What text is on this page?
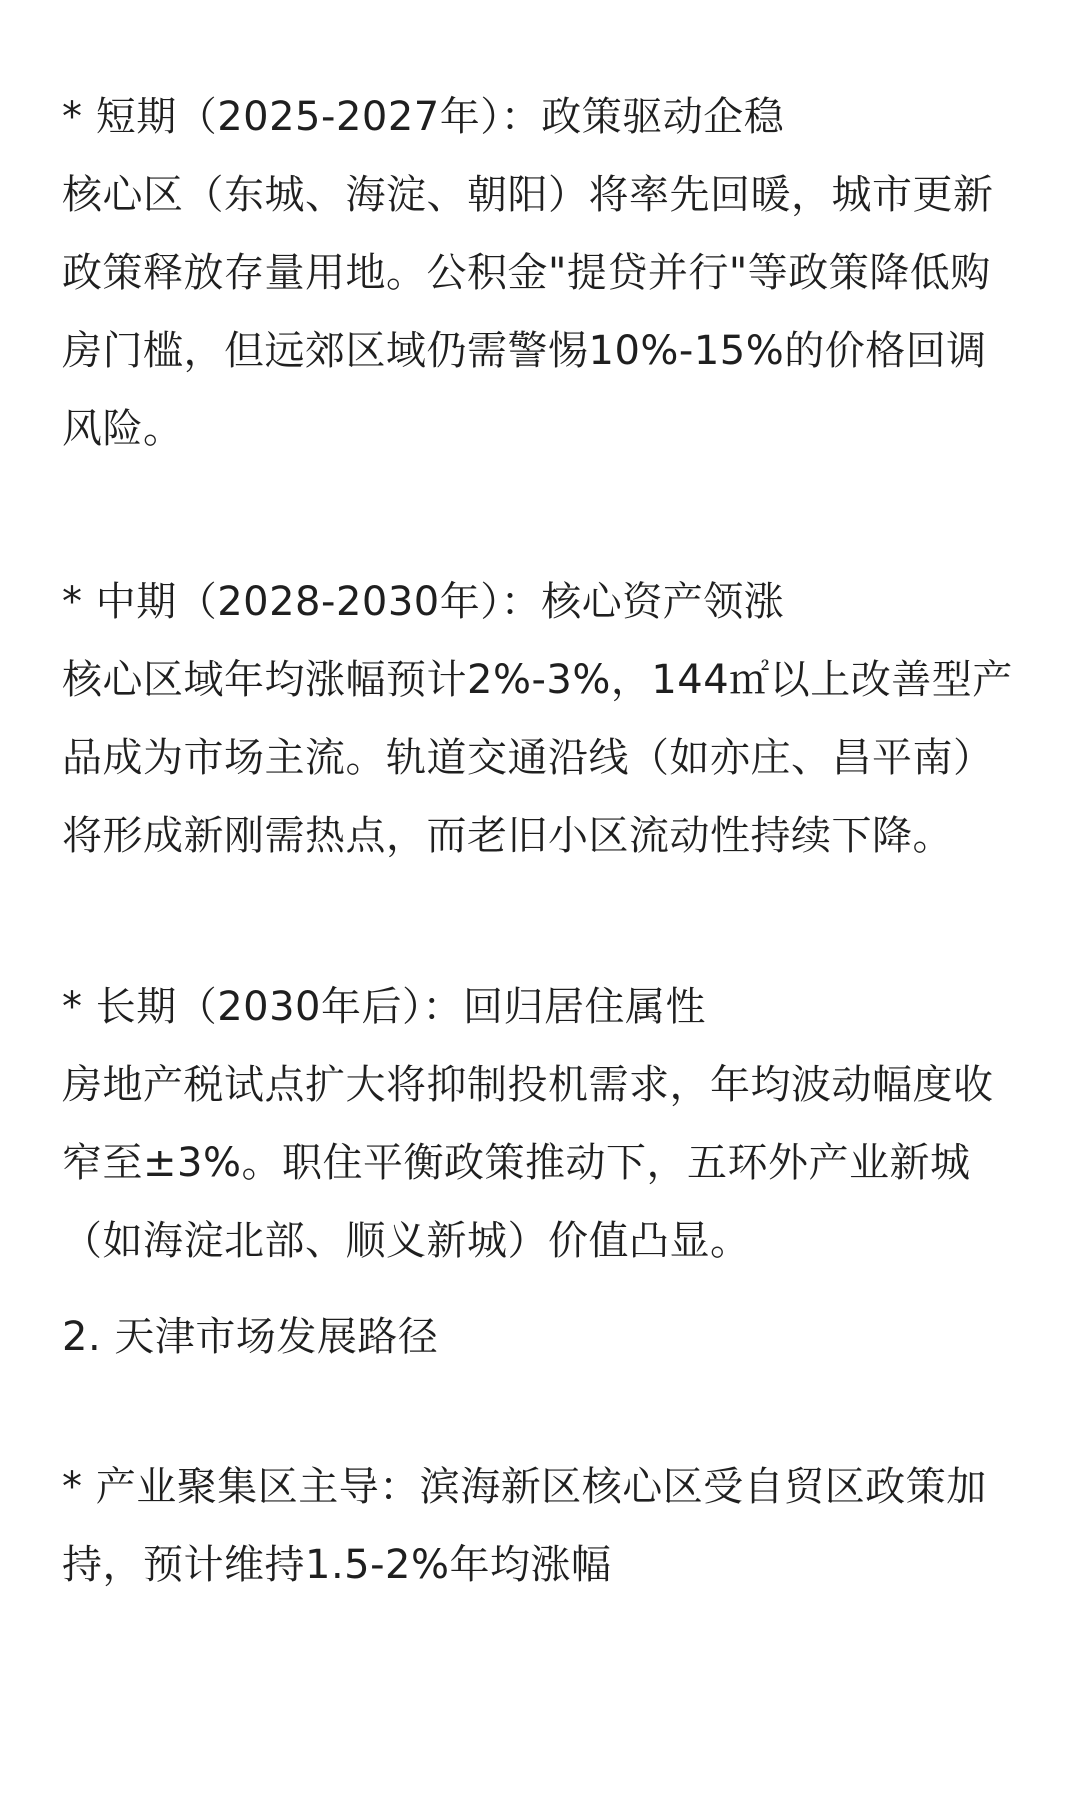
* 短期（2025-2027年）：政策驱动企稳
核心区（东城、海淀、朝阳）将率先回暖，城市更新政策释放存量用地。公积金"提贷并行"等政策降低购房门槛，但远郊区域仍需警惕10%-15%的价格回调风险。
* 中期（2028-2030年）：核心资产领涨
核心区域年均涨幅预计2%-3%，144㎡以上改善型产品成为市场主流。轨道交通沿线（如亦庄、昌平南）将形成新刚需热点，而老旧小区流动性持续下降。
* 长期（2030年后）：回归居住属性
房地产税试点扩大将抑制投机需求，年均波动幅度收窄至±3%。职住平衡政策推动下，五环外产业新城（如海淀北部、顺义新城）价值凸显。
2. 天津市场发展路径
* 产业聚集区主导：滨海新区核心区受自贸区政策加持，预计维持1.5-2%年均涨幅
